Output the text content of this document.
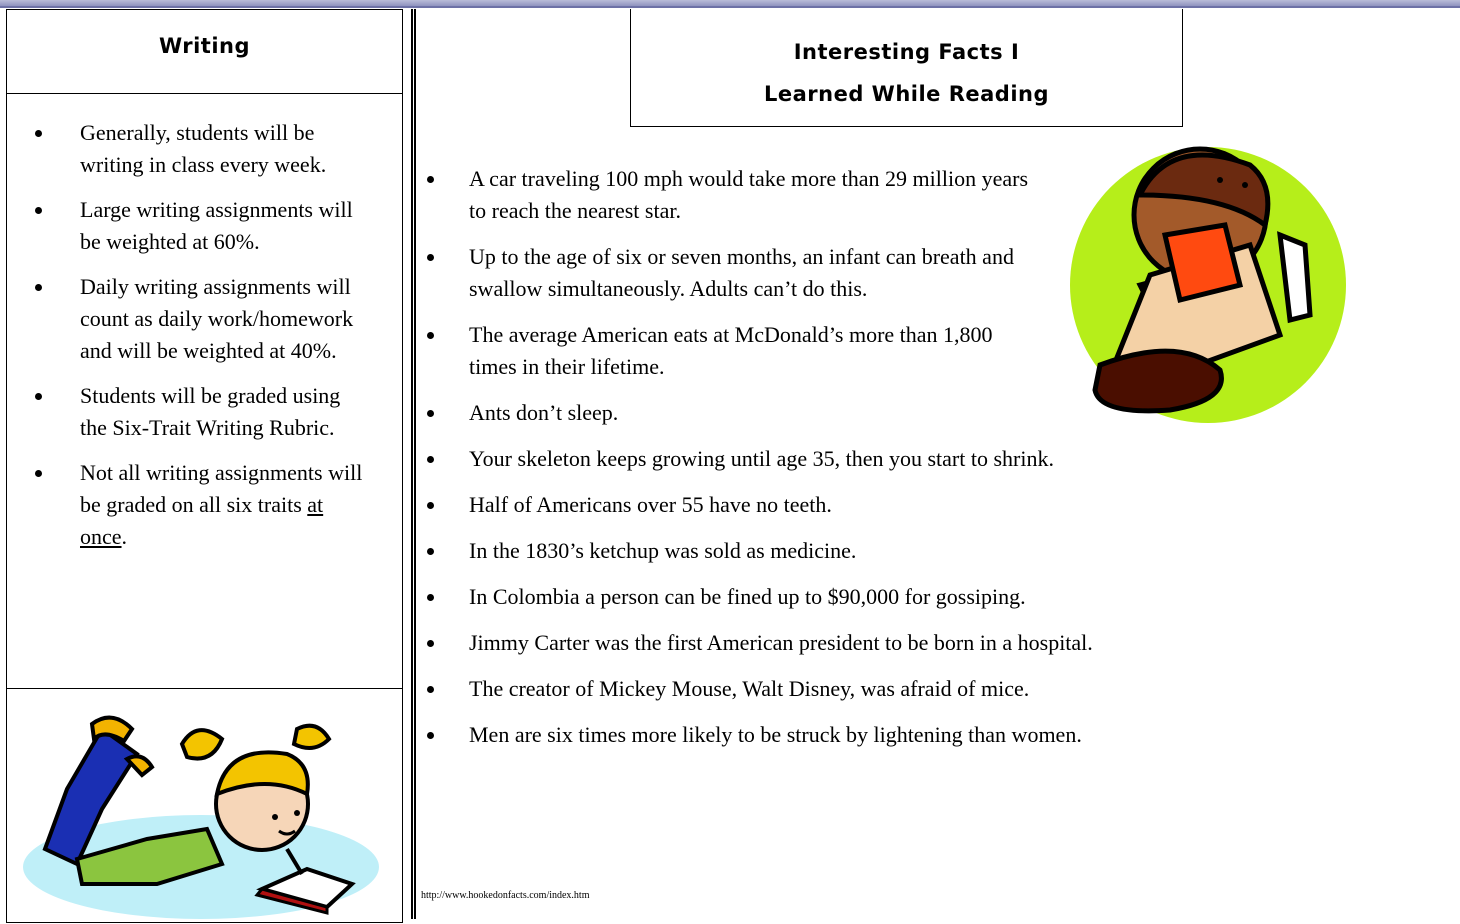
Writing
Generally, students will be writing in class every week.
Large writing assignments will be weighted at 60%.
Daily writing assignments will count as daily work/homework and will be weighted at 40%.
Students will be graded using the Six-Trait Writing Rubric.
Not all writing assignments will be graded on all six traits at once.
Interesting Facts I
Learned While Reading
A car traveling 100 mph would take more than 29 million years to reach the nearest star.
Up to the age of six or seven months, an infant can breath and swallow simultaneously. Adults can’t do this.
The average American eats at McDonald’s more than 1,800 times in their lifetime.
Ants don’t sleep.
Your skeleton keeps growing until age 35, then you start to shrink.
Half of Americans over 55 have no teeth.
In the 1830’s ketchup was sold as medicine.
In Colombia a person can be fined up to $90,000 for gossiping.
Jimmy Carter was the first American president to be born in a hospital.
The creator of Mickey Mouse, Walt Disney, was afraid of mice.
Men are six times more likely to be struck by lightening than women.
http://www.hookedonfacts.com/index.htm
